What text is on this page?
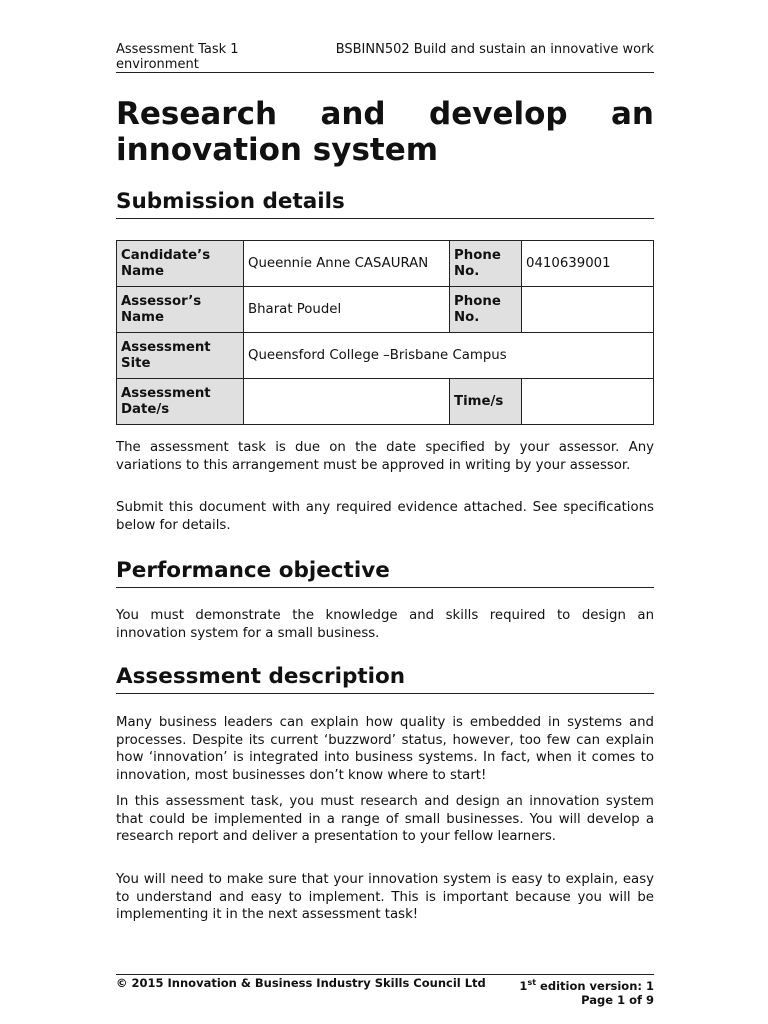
Assessment Task 1	BSBINN502 Build and sustain an innovative work
environment
Research and develop an
innovation system
Submission details
Candidate’s Name	Queennie Anne CASAURAN	Phone No.	0410639001
Assessor’s Name	Bharat Poudel	Phone No.	
Assessment Site	Queensford College –Brisbane Campus		
Assessment Date/s		Time/s	
The assessment task is due on the date specified by your assessor. Any variations to this arrangement must be approved in writing by your assessor.
Submit this document with any required evidence attached. See specifications below for details.
Performance objective
You must demonstrate the knowledge and skills required to design an innovation system for a small business.
Assessment description
Many business leaders can explain how quality is embedded in systems and processes. Despite its current ‘buzzword’ status, however, too few can explain how ‘innovation’ is integrated into business systems. In fact, when it comes to innovation, most businesses don’t know where to start!
In this assessment task, you must research and design an innovation system that could be implemented in a range of small businesses. You will develop a research report and deliver a presentation to your fellow learners.
You will need to make sure that your innovation system is easy to explain, easy to understand and easy to implement. This is important because you will be implementing it in the next assessment task!
© 2015 Innovation & Business Industry Skills Council Ltd	1st edition version: 1
Page 1 of 9
